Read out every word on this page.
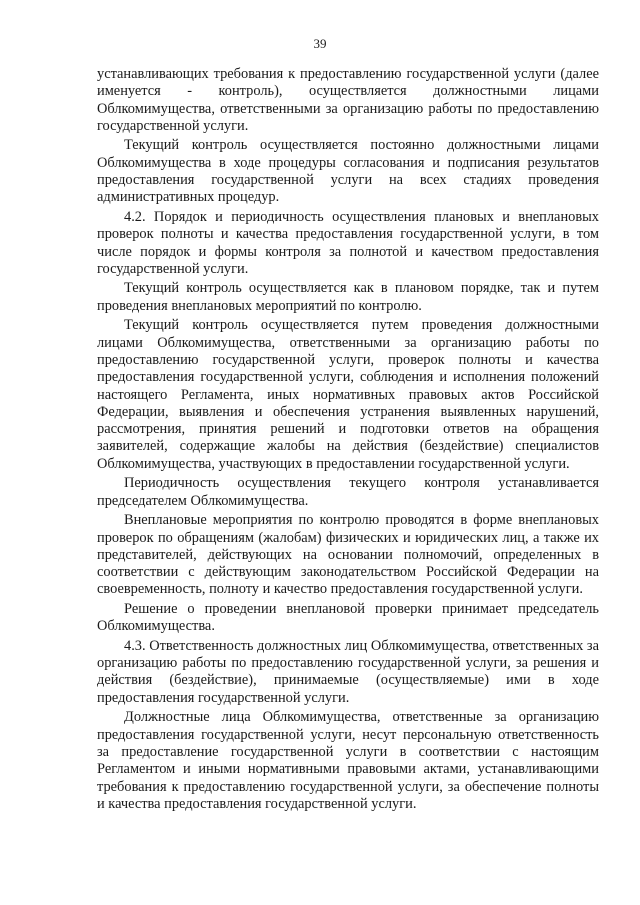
39

устанавливающих требования к предоставлению государственной услуги (далее именуется - контроль), осуществляется должностными лицами Облкомимущества, ответственными за организацию работы по предоставлению государственной услуги.

Текущий контроль осуществляется постоянно должностными лицами Облкомимущества в ходе процедуры согласования и подписания результатов предоставления государственной услуги на всех стадиях проведения административных процедур.

4.2. Порядок и периодичность осуществления плановых и внеплановых проверок полноты и качества предоставления государственной услуги, в том числе порядок и формы контроля за полнотой и качеством предоставления государственной услуги.

Текущий контроль осуществляется как в плановом порядке, так и путем проведения внеплановых мероприятий по контролю.

Текущий контроль осуществляется путем проведения должностными лицами Облкомимущества, ответственными за организацию работы по предоставлению государственной услуги, проверок полноты и качества предоставления государственной услуги, соблюдения и исполнения положений настоящего Регламента, иных нормативных правовых актов Российской Федерации, выявления и обеспечения устранения выявленных нарушений, рассмотрения, принятия решений и подготовки ответов на обращения заявителей, содержащие жалобы на действия (бездействие) специалистов Облкомимущества, участвующих в предоставлении государственной услуги.

Периодичность осуществления текущего контроля устанавливается председателем Облкомимущества.

Внеплановые мероприятия по контролю проводятся в форме внеплановых проверок по обращениям (жалобам) физических и юридических лиц, а также их представителей, действующих на основании полномочий, определенных в соответствии с действующим законодательством Российской Федерации на своевременность, полноту и качество предоставления государственной услуги.

Решение о проведении внеплановой проверки принимает председатель Облкомимущества.

4.3. Ответственность должностных лиц Облкомимущества, ответственных за организацию работы по предоставлению государственной услуги, за решения и действия (бездействие), принимаемые (осуществляемые) ими в ходе предоставления государственной услуги.

Должностные лица Облкомимущества, ответственные за организацию предоставления государственной услуги, несут персональную ответственность за предоставление государственной услуги в соответствии с настоящим Регламентом и иными нормативными правовыми актами, устанавливающими требования к предоставлению государственной услуги, за обеспечение полноты и качества предоставления государственной услуги.
